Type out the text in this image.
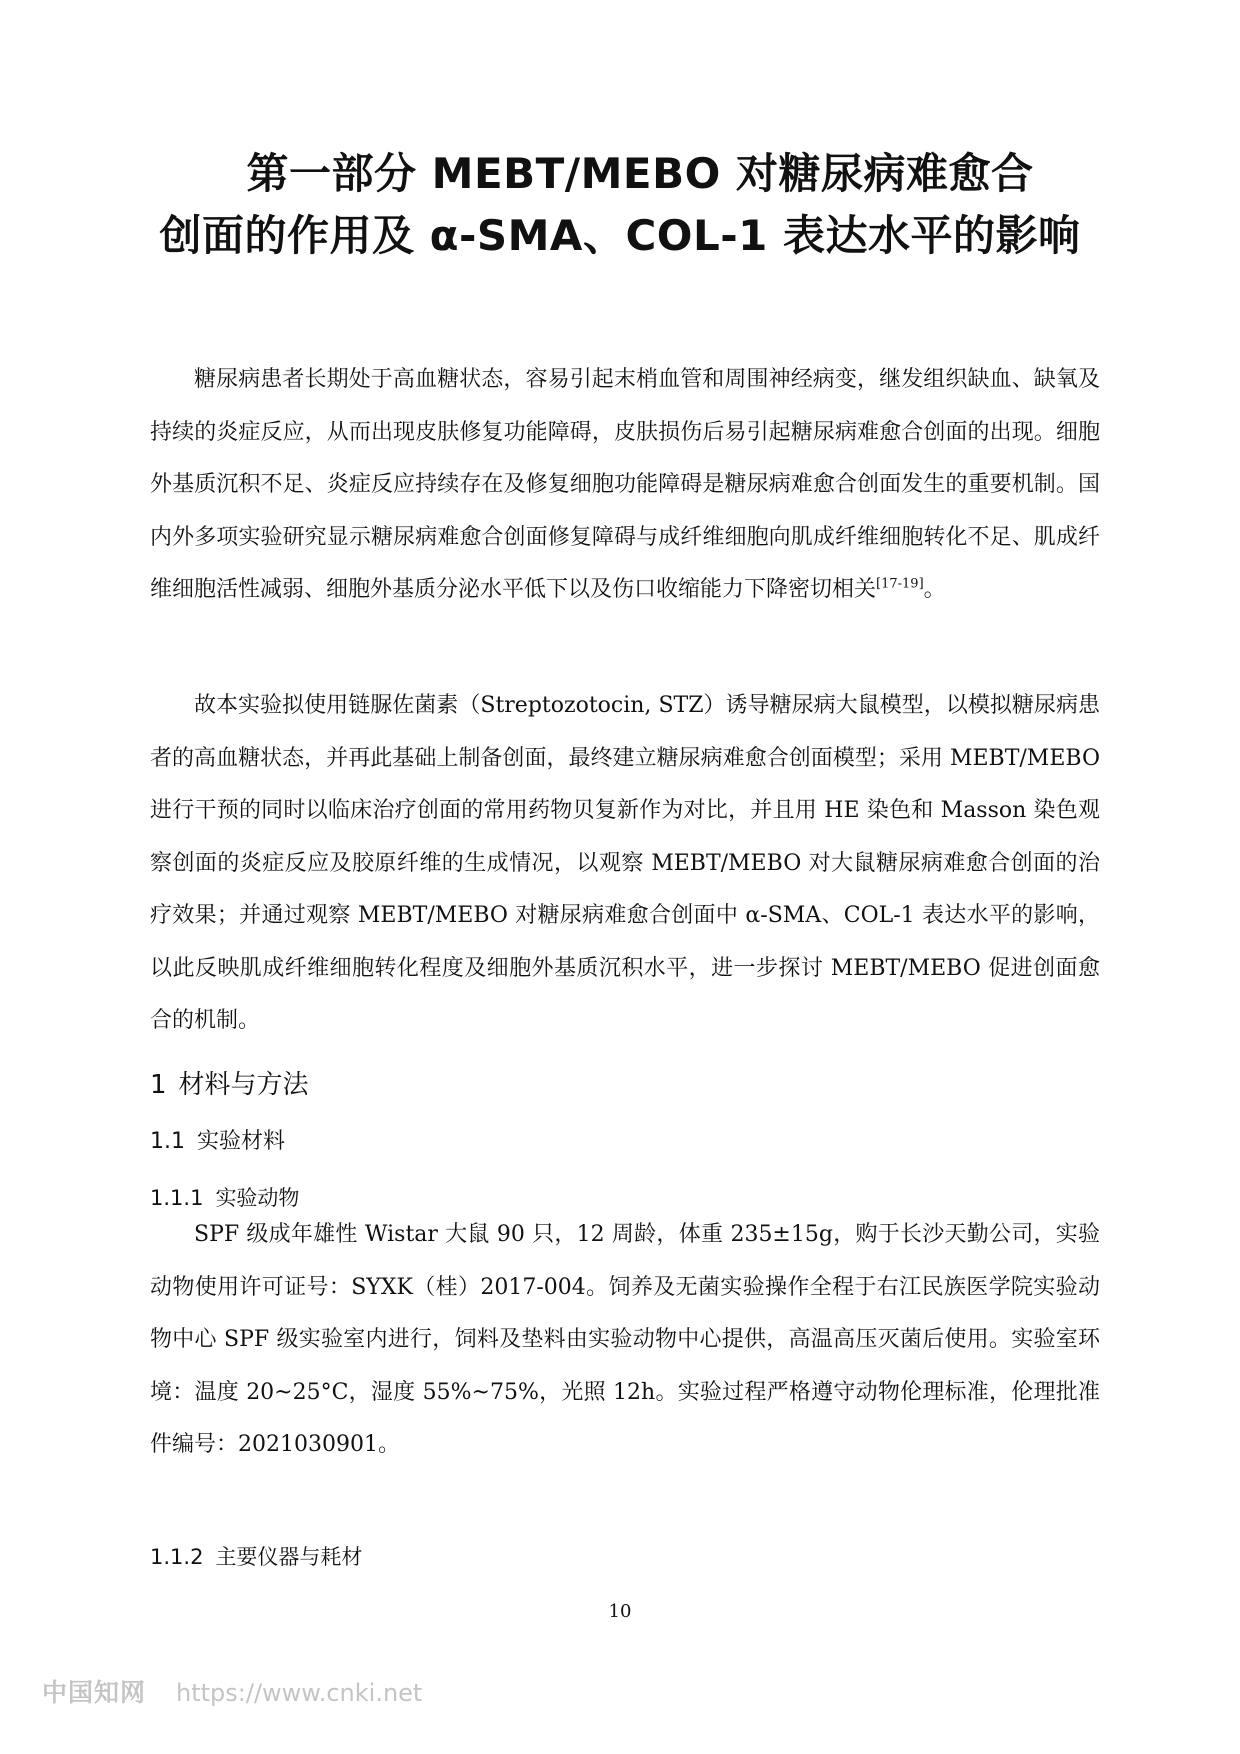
第一部分 MEBT/MEBO 对糖尿病难愈合
创面的作用及 α-SMA、COL-1 表达水平的影响

糖尿病患者长期处于高血糖状态，容易引起末梢血管和周围神经病变，继发组织缺血、缺氧及持续的炎症反应，从而出现皮肤修复功能障碍，皮肤损伤后易引起糖尿病难愈合创面的出现。细胞外基质沉积不足、炎症反应持续存在及修复细胞功能障碍是糖尿病难愈合创面发生的重要机制。国内外多项实验研究显示糖尿病难愈合创面修复障碍与成纤维细胞向肌成纤维细胞转化不足、肌成纤维细胞活性减弱、细胞外基质分泌水平低下以及伤口收缩能力下降密切相关[17-19]。

故本实验拟使用链脲佐菌素（Streptozotocin, STZ）诱导糖尿病大鼠模型，以模拟糖尿病患者的高血糖状态，并再此基础上制备创面，最终建立糖尿病难愈合创面模型；采用 MEBT/MEBO 进行干预的同时以临床治疗创面的常用药物贝复新作为对比，并且用 HE 染色和 Masson 染色观察创面的炎症反应及胶原纤维的生成情况，以观察 MEBT/MEBO 对大鼠糖尿病难愈合创面的治疗效果；并通过观察 MEBT/MEBO 对糖尿病难愈合创面中 α-SMA、COL-1 表达水平的影响，以此反映肌成纤维细胞转化程度及细胞外基质沉积水平，进一步探讨 MEBT/MEBO 促进创面愈合的机制。

1 材料与方法
1.1 实验材料
1.1.1 实验动物

SPF 级成年雄性 Wistar 大鼠 90 只，12 周龄，体重 235±15g，购于长沙天勤公司，实验动物使用许可证号：SYXK（桂）2017-004。饲养及无菌实验操作全程于右江民族医学院实验动物中心 SPF 级实验室内进行，饲料及垫料由实验动物中心提供，高温高压灭菌后使用。实验室环境：温度 20~25°C，湿度 55%~75%，光照 12h。实验过程严格遵守动物伦理标准，伦理批准件编号：2021030901。

1.1.2 主要仪器与耗材
10
中国知网 https://www.cnki.net
